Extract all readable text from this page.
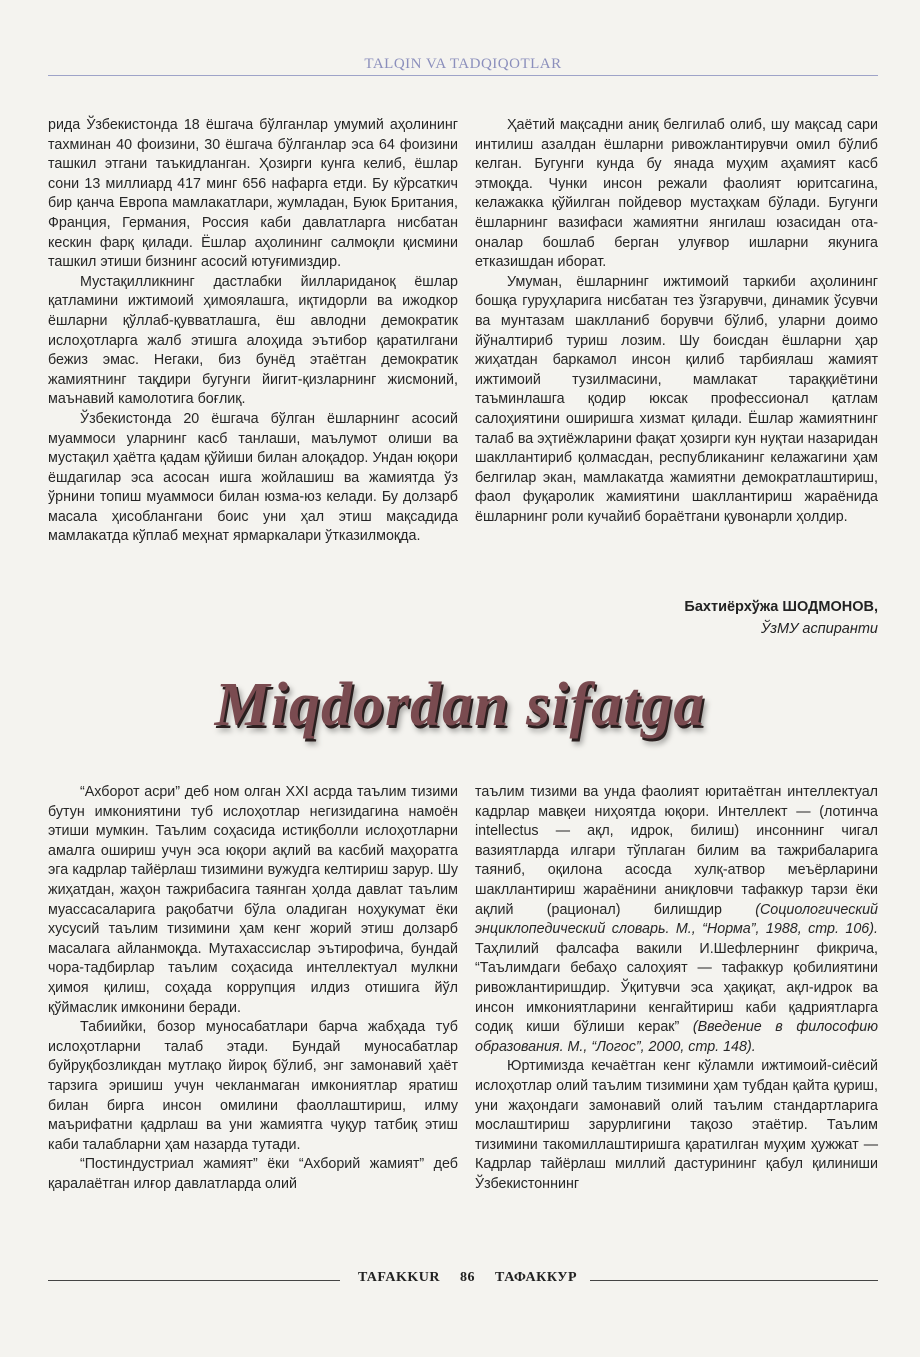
TALQIN VA TADQIQOTLAR

рида Ўзбекистонда 18 ёшгача бўлганлар умумий аҳолининг тахминан 40 фоизини, 30 ёшгача бўлганлар эса 64 фоизини ташкил этгани таъкидланган. Ҳозирги кунга келиб, ёшлар сони 13 миллиард 417 минг 656 нафарга етди. Бу кўрсаткич бир қанча Европа мамлакатлари, жумладан, Буюк Британия, Франция, Германия, Россия каби давлатларга нисбатан кескин фарқ қилади. Ёшлар аҳолининг салмоқли қисмини ташкил этиши бизнинг асосий ютуғимиздир.

Мустақилликнинг дастлабки йиллариданоқ ёшлар қатламини ижтимоий ҳимоялашга, иқтидорли ва ижодкор ёшларни қўллаб-қувватлашга, ёш авлодни демократик ислоҳотларга жалб этишга алоҳида эътибор қаратилгани бежиз эмас. Негаки, биз бунёд этаётган демократик жамиятнинг тақдири бугунги йигит-қизларнинг жисмоний, маънавий камолотига боғлиқ.

Ўзбекистонда 20 ёшгача бўлган ёшларнинг асосий муаммоси уларнинг касб танлаши, маълумот олиши ва мустақил ҳаётга қадам қўйиши билан алоқадор. Ундан юқори ёшдагилар эса асосан ишга жойлашиш ва жамиятда ўз ўрнини топиш муаммоси билан юзма-юз келади. Бу долзарб масала ҳисоблангани боис уни ҳал этиш мақсадида мамлакатда кўплаб меҳнат ярмаркалари ўтказилмоқда.

Ҳаётий мақсадни аниқ белгилаб олиб, шу мақсад сари интилиш азалдан ёшларни ривожлантирувчи омил бўлиб келган. Бугунги кунда бу янада муҳим аҳамият касб этмоқда. Чунки инсон режали фаолият юритсагина, келажакка қўйилган пойдевор мустаҳкам бўлади. Бугунги ёшларнинг вазифаси жамиятни янгилаш юзасидан ота-оналар бошлаб берган улуғвор ишларни якунига етказишдан иборат.

Умуман, ёшларнинг ижтимоий таркиби аҳолининг бошқа гуруҳларига нисбатан тез ўзгарувчи, динамик ўсувчи ва мунтазам шаклланиб борувчи бўлиб, уларни доимо йўналтириб туриш лозим. Шу боисдан ёшларни ҳар жиҳатдан баркамол инсон қилиб тарбиялаш жамият ижтимоий тузилмасини, мамлакат тараққиётини таъминлашга қодир юксак профессионал қатлам салоҳиятини оширишга хизмат қилади. Ёшлар жамиятнинг талаб ва эҳтиёжларини фақат ҳозирги кун нуқтаи назаридан шакллантириб қолмасдан, республиканинг келажагини ҳам белгилар экан, мамлакатда жамиятни демократлаштириш, фаол фуқаролик жамиятини шакллантириш жараёнида ёшларнинг роли кучайиб бораётгани қувонарли ҳолдир.

Бахтиёрхўжа ШОДМОНОВ,
ЎзМУ аспиранти
Miqdordan sifatga

“Ахборот асри” деб ном олган XXI асрда таълим тизими бутун имкониятини туб ислоҳотлар негизидагина намоён этиши мумкин. Таълим соҳасида истиқболли ислоҳотларни амалга ошириш учун эса юқори ақлий ва касбий маҳоратга эга кадрлар тайёрлаш тизимини вужудга келтириш зарур. Шу жиҳатдан, жаҳон тажрибасига таянган ҳолда давлат таълим муассасаларига рақобатчи бўла оладиган ноҳукумат ёки хусусий таълим тизимини ҳам кенг жорий этиш долзарб масалага айланмоқда. Мутахассислар эътирофича, бундай чора-тадбирлар таълим соҳасида интеллектуал мулкни ҳимоя қилиш, соҳада коррупция илдиз отишига йўл қўймаслик имконини беради.

Табиийки, бозор муносабатлари барча жабҳада туб ислоҳотларни талаб этади. Бундай муносабатлар буйруқбозликдан мутлақо йироқ бўлиб, энг замонавий ҳаёт тарзига эришиш учун чекланмаган имкониятлар яратиш билан бирга инсон омилини фаоллаштириш, илму маърифатни қадрлаш ва уни жамиятга чуқур татбиқ этиш каби талабларни ҳам назарда тутади.

“Постиндустриал жамият” ёки “Ахборий жамият” деб қаралаётган илғор давлатларда олий

таълим тизими ва унда фаолият юритаётган интеллектуал кадрлар мавқеи ниҳоятда юқори. Интеллект — (лотинча intellectus — ақл, идрок, билиш) инсоннинг чигал вазиятларда илгари тўплаган билим ва тажрибаларига таяниб, оқилона асосда хулқ-атвор меъёрларини шакллантириш жараёнини аниқловчи тафаккур тарзи ёки ақлий (рационал) билишдир (Социологический энциклопедический словарь. М., “Норма”, 1988, стр. 106). Таҳлилий фалсафа вакили И.Шефлернинг фикрича, “Таълимдаги бебаҳо салоҳият — тафаккур қобилиятини ривожлантиришдир. Ўқитувчи эса ҳақиқат, ақл-идрок ва инсон имкониятларини кенгайтириш каби қадриятларга содиқ киши бўлиши керак” (Введение в философию образования. М., “Логос”, 2000, стр. 148).

Юртимизда кечаётган кенг кўламли ижтимоий-сиёсий ислоҳотлар олий таълим тизимини ҳам тубдан қайта қуриш, уни жаҳондаги замонавий олий таълим стандартларига мослаштириш зарурлигини тақозо этаётир. Таълим тизимини такомиллаштиришга қаратилган муҳим ҳужжат — Кадрлар тайёрлаш миллий дастурининг қабул қилиниши Ўзбекистоннинг

TAFAKKUR 86 ТАФАККУР
